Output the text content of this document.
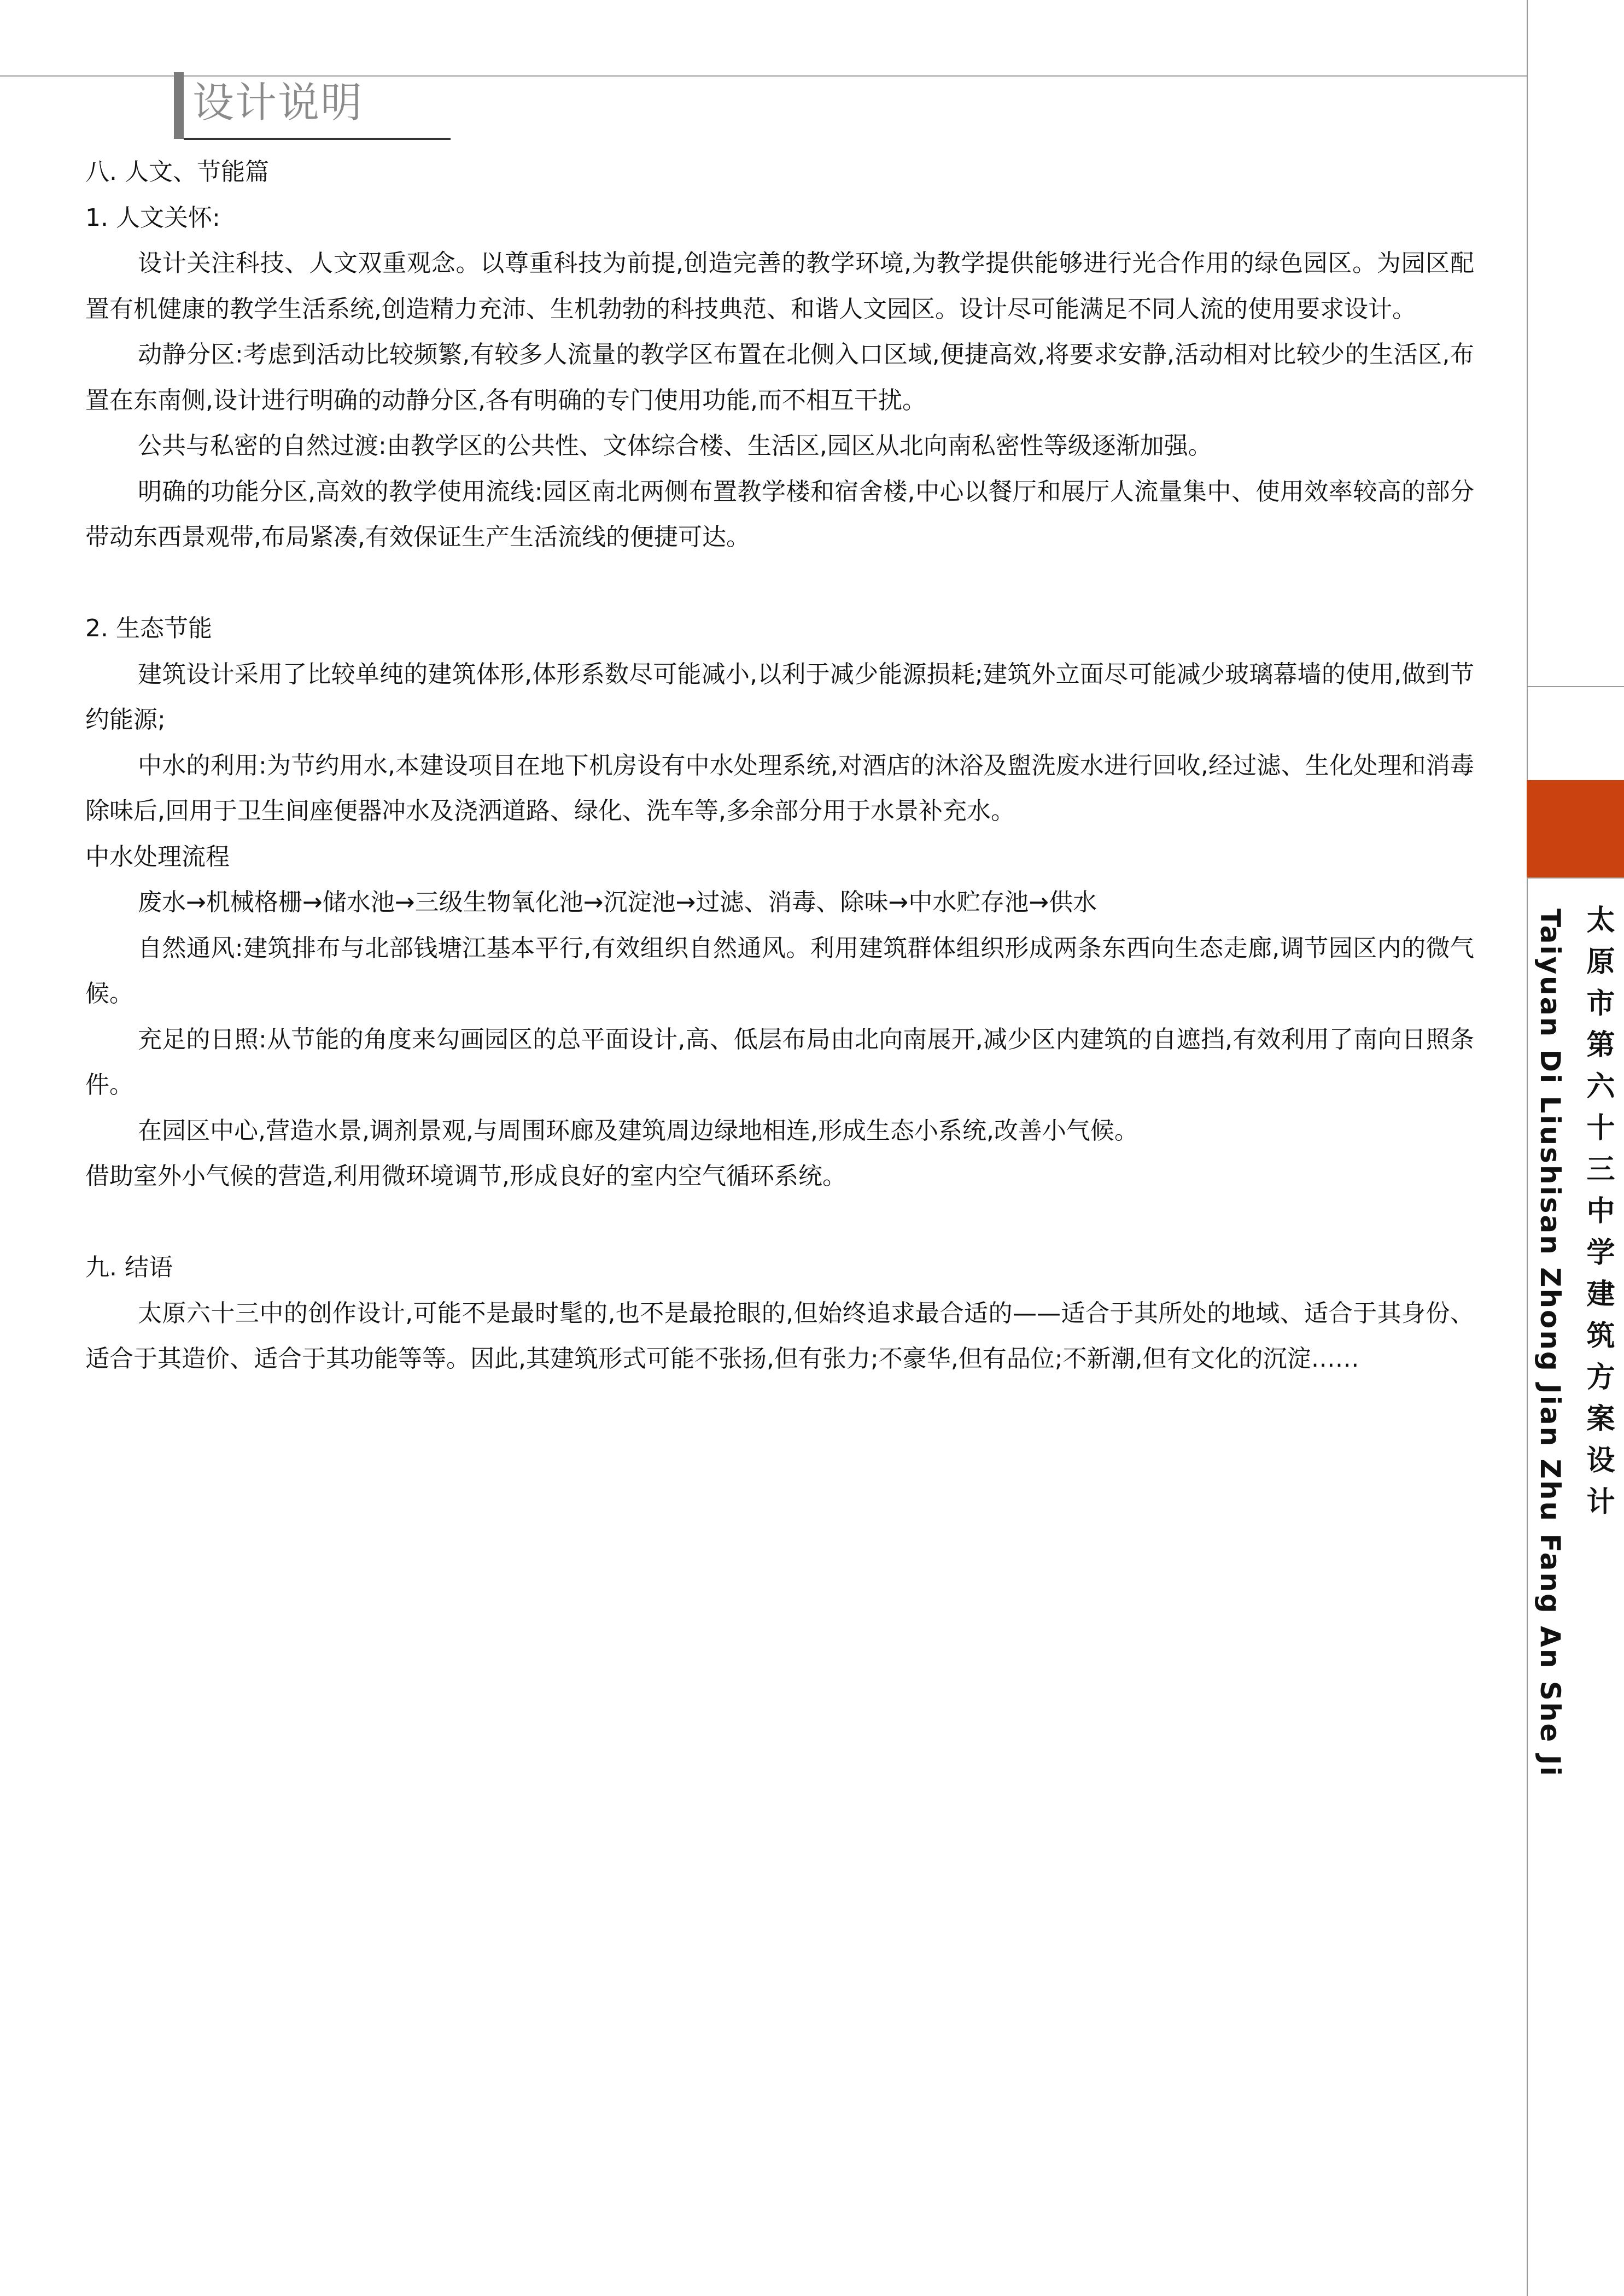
太原市第六十三中学建筑方案设计
Taiyuan Di Liushisan Zhong Jian Zhu Fang An She Ji
设计说明

八. 人文、节能篇

1. 人文关怀:

设计关注科技、人文双重观念。以尊重科技为前提,创造完善的教学环境,为教学提供能够进行光合作用的绿色园区。为园区配置有机健康的教学生活系统,创造精力充沛、生机勃勃的科技典范、和谐人文园区。设计尽可能满足不同人流的使用要求设计。

动静分区:考虑到活动比较频繁,有较多人流量的教学区布置在北侧入口区域,便捷高效,将要求安静,活动相对比较少的生活区,布置在东南侧,设计进行明确的动静分区,各有明确的专门使用功能,而不相互干扰。

公共与私密的自然过渡:由教学区的公共性、文体综合楼、生活区,园区从北向南私密性等级逐渐加强。

明确的功能分区,高效的教学使用流线:园区南北两侧布置教学楼和宿舍楼,中心以餐厅和展厅人流量集中、使用效率较高的部分带动东西景观带,布局紧凑,有效保证生产生活流线的便捷可达。

2. 生态节能

建筑设计采用了比较单纯的建筑体形,体形系数尽可能减小,以利于减少能源损耗;建筑外立面尽可能减少玻璃幕墙的使用,做到节约能源;

中水的利用:为节约用水,本建设项目在地下机房设有中水处理系统,对酒店的沐浴及盥洗废水进行回收,经过滤、生化处理和消毒除味后,回用于卫生间座便器冲水及浇洒道路、绿化、洗车等,多余部分用于水景补充水。

中水处理流程

废水→机械格栅→储水池→三级生物氧化池→沉淀池→过滤、消毒、除味→中水贮存池→供水

自然通风:建筑排布与北部钱塘江基本平行,有效组织自然通风。利用建筑群体组织形成两条东西向生态走廊,调节园区内的微气候。

充足的日照:从节能的角度来勾画园区的总平面设计,高、低层布局由北向南展开,减少区内建筑的自遮挡,有效利用了南向日照条件。

在园区中心,营造水景,调剂景观,与周围环廊及建筑周边绿地相连,形成生态小系统,改善小气候。

借助室外小气候的营造,利用微环境调节,形成良好的室内空气循环系统。

九. 结语

太原六十三中的创作设计,可能不是最时髦的,也不是最抢眼的,但始终追求最合适的——适合于其所处的地域、适合于其身份、适合于其造价、适合于其功能等等。因此,其建筑形式可能不张扬,但有张力;不豪华,但有品位;不新潮,但有文化的沉淀……
